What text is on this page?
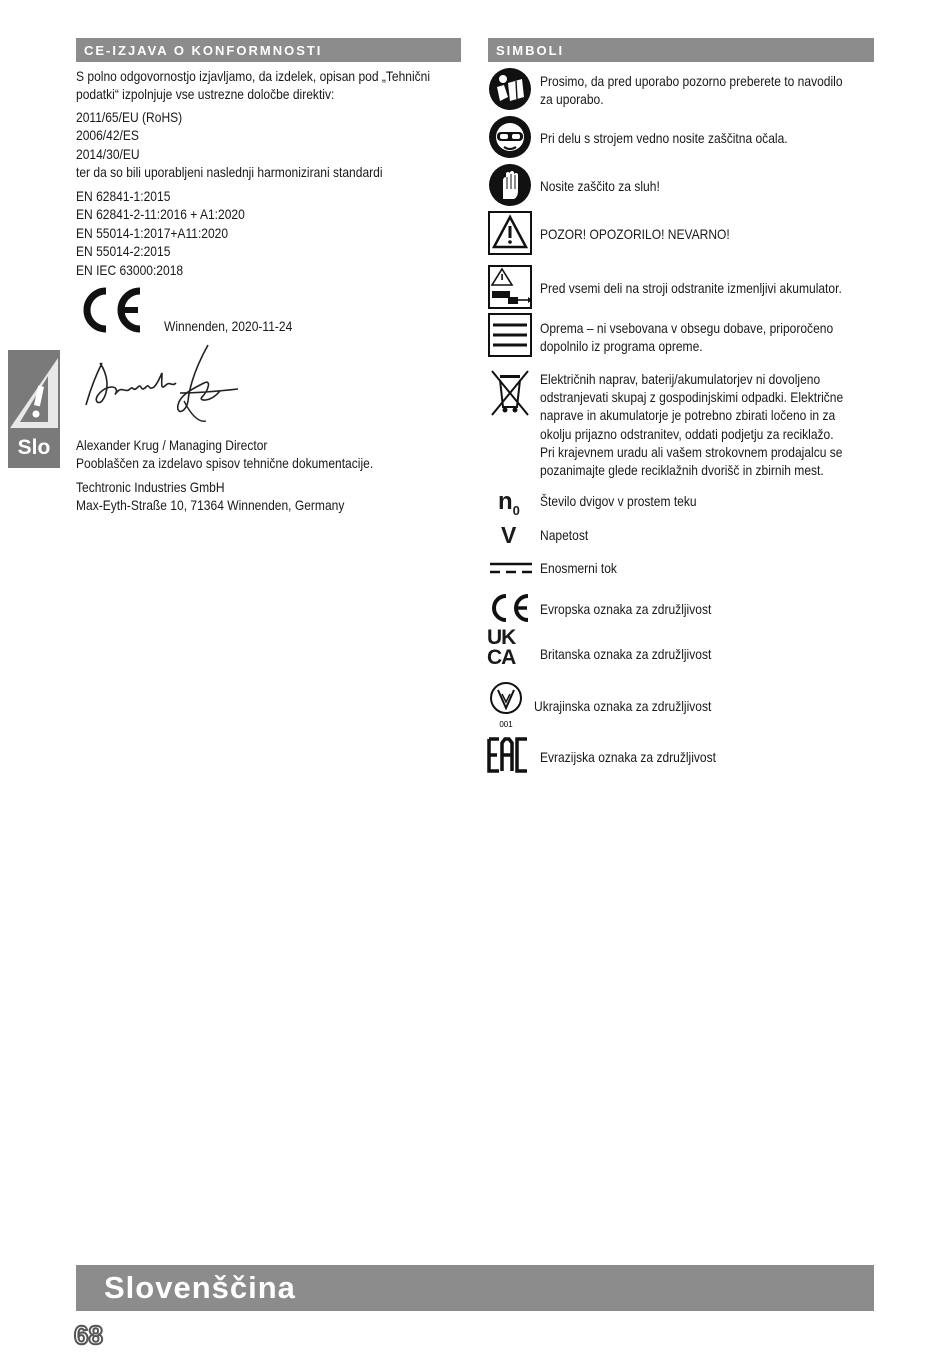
CE-IZJAVA O KONFORMNOSTI
S polno odgovornostjo izjavljamo, da izdelek, opisan pod „Tehnični
podatki“ izpolnjuje vse ustrezne določbe direktiv:
2011/65/EU (RoHS)
2006/42/ES
2014/30/EU
ter da so bili uporabljeni naslednji harmonizirani standardi
EN 62841-1:2015
EN 62841-2-11:2016 + A1:2020
EN 55014-1:2017+A11:2020
EN 55014-2:2015
EN IEC 63000:2018
Winnenden, 2020-11-24
Alexander Krug / Managing Director
Pooblaščen za izdelavo spisov tehnične dokumentacije.
Techtronic Industries GmbH
Max-Eyth-Straße 10, 71364 Winnenden, Germany
Slo
SIMBOLI
Prosimo, da pred uporabo pozorno preberete to navodilo
za uporabo.
Pri delu s strojem vedno nosite zaščitna očala.
Nosite zaščito za sluh!
POZOR! OPOZORILO! NEVARNO!
Pred vsemi deli na stroji odstranite izmenljivi akumulator.
Oprema – ni vsebovana v obsegu dobave, priporočeno
dopolnilo iz programa opreme.
Električnih naprav, baterij/akumulatorjev ni dovoljeno
odstranjevati skupaj z gospodinjskimi odpadki. Električne
naprave in akumulatorje je potrebno zbirati ločeno in za
okolju prijazno odstranitev, oddati podjetju za reciklažo.
Pri krajevnem uradu ali vašem strokovnem prodajalcu se
pozanimajte glede reciklažnih dvorišč in zbirnih mest.
$n_0$
Število dvigov v prostem teku
V Napetost
Enosmerni tok
Evropska oznaka za združljivost
UK
CA Britanska oznaka za združljivost
001
Ukrajinska oznaka za združljivost
Evrazijska oznaka za združljivost
Slovenščina
68
